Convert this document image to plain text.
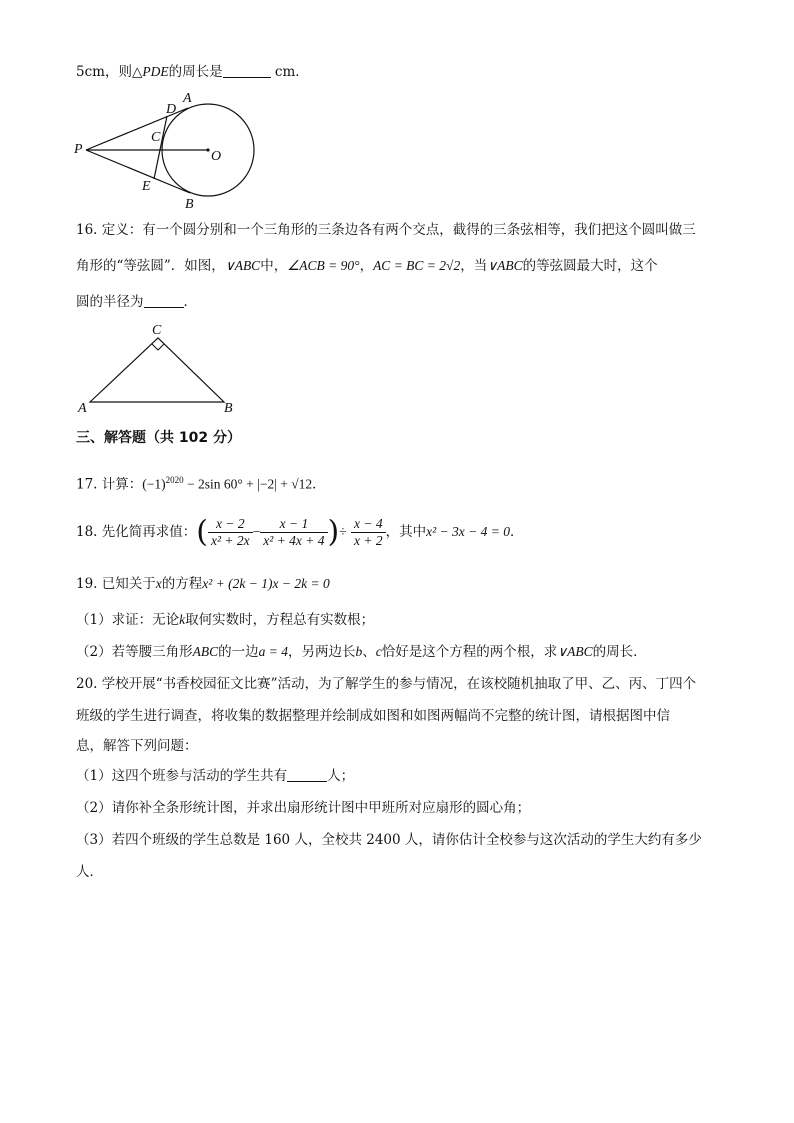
5cm，则△PDE的周长是	cm．
P
D
A
C
O
E
B
16. 定义：有一个圆分别和一个三角形的三条边各有两个交点，截得的三条弦相等，我们把这个圆叫做三
角形的“等弦圆”．如图，∨ABC中，∠ACB = 90°，AC = BC = 2√2，当∨ABC的等弦圆最大时，这个
圆的半径为	．
C
A	B
三、解答题（共 102 分）
17. 计算：$(-1)^{2020} - 2\sin$ 60° + |−2| + √12．
18. 先化简再求值：( $\frac{x - 2}{\text{x² + 2x}} - \frac{x - 1}{\text{x² + 4x + 4}}$ )÷ $\frac{x - 4}{x + 2}$ ，其中x² − 3x − 4 = 0．
19. 已知关于x的方程x² + (2k − 1)x − 2k = 0
（1）求证：无论k取何实数时，方程总有实数根；
（2）若等腰三角形ABC的一边a = 4，另两边长b、c恰好是这个方程的两个根，求∨ABC的周长．
20. 学校开展“书香校园征文比赛”活动，为了解学生的参与情况，在该校随机抽取了甲、乙、丙、丁四个
班级的学生进行调查，将收集的数据整理并绘制成如图和如图两幅尚不完整的统计图，请根据图中信
息，解答下列问题：
（1）这四个班参与活动的学生共有	人；
（2）请你补全条形统计图，并求出扇形统计图中甲班所对应扇形的圆心角；
（3）若四个班级的学生总数是 160 人，全校共 2400 人，请你估计全校参与这次活动的学生大约有多少
人．
